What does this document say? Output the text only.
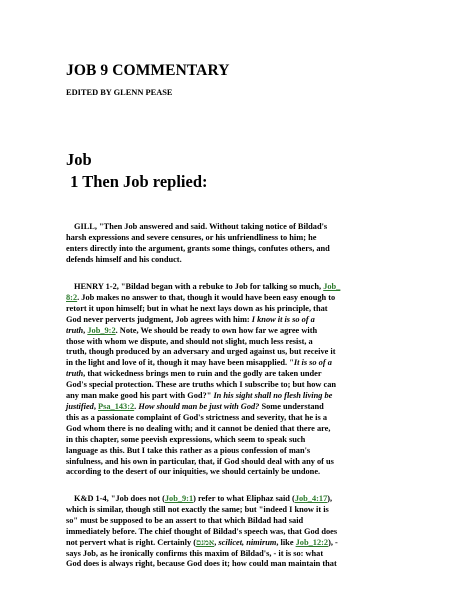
JOB 9 COMMENTARY
EDITED BY GLENN PEASE
Job
1 Then Job replied:
GILL, "Then Job answered and said. Without taking notice of Bildad's
harsh expressions and severe censures, or his unfriendliness to him; he
enters directly into the argument, grants some things, confutes others, and
defends himself and his conduct.
HENRY 1-2, "Bildad began with a rebuke to Job for talking so much, Job_
8:2. Job makes no answer to that, though it would have been easy enough to
retort it upon himself; but in what he next lays down as his principle, that
God never perverts judgment, Job agrees with him: I know it is so of a
truth, Job_9:2. Note, We should be ready to own how far we agree with
those with whom we dispute, and should not slight, much less resist, a
truth, though produced by an adversary and urged against us, but receive it
in the light and love of it, though it may have been misapplied. "It is so of a
truth, that wickedness brings men to ruin and the godly are taken under
God's special protection. These are truths which I subscribe to; but how can
any man make good his part with God?" In his sight shall no flesh living be
justified, Psa_143:2. How should man be just with God? Some understand
this as a passionate complaint of God's strictness and severity, that he is a
God whom there is no dealing with; and it cannot be denied that there are,
in this chapter, some peevish expressions, which seem to speak such
language as this. But I take this rather as a pious confession of man's
sinfulness, and his own in particular, that, if God should deal with any of us
according to the desert of our iniquities, we should certainly be undone.
K&D 1-4, "Job does not (Job_9:1) refer to what Eliphaz said (Job_4:17),
which is similar, though still not exactly the same; but "indeed I know it is
so" must be supposed to be an assert to that which Bildad had said
immediately before. The chief thought of Bildad's speech was, that God does
not pervert what is right. Certainly (אמנם, scilicet, nimirum, like Job_12:2), -
says Job, as he ironically confirms this maxim of Bildad's, - it is so: what
God does is always right, because God does it; how could man maintain that
